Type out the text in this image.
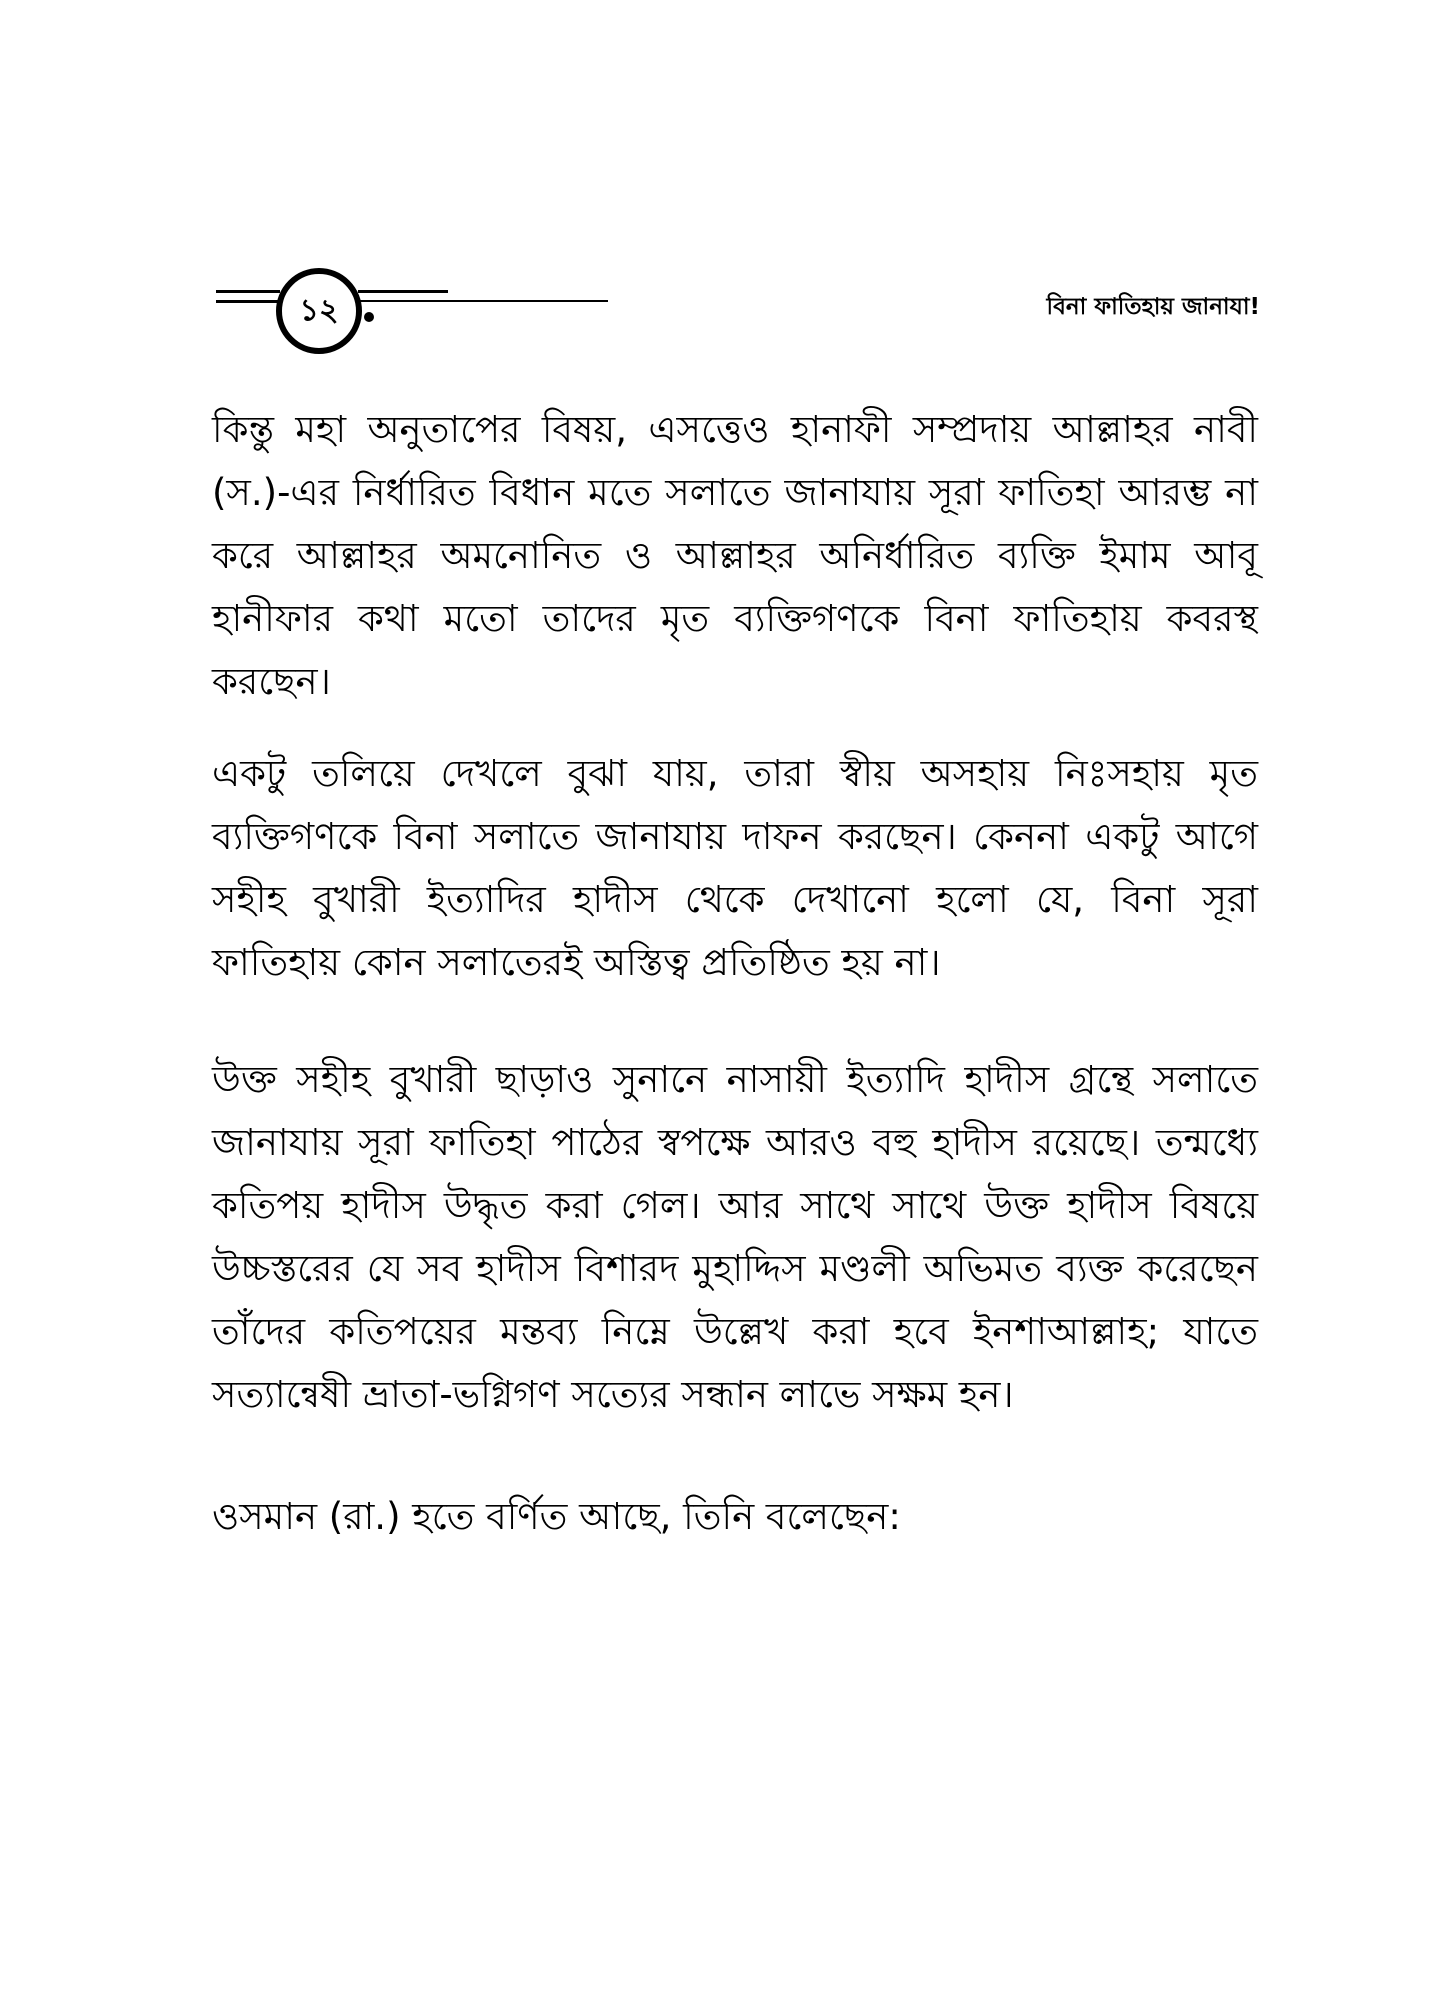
১২	বিনা ফাতিহায় জানাযা!

কিন্তু মহা অনুতাপের বিষয়, এসত্তেও হানাফী সম্প্রদায় আল্লাহর নাবী (স.)-এর নির্ধারিত বিধান মতে সলাতে জানাযায় সূরা ফাতিহা আরম্ভ না করে আল্লাহর অমনোনিত ও আল্লাহর অনির্ধারিত ব্যক্তি ইমাম আবূ হানীফার কথা মতো তাদের মৃত ব্যক্তিগণকে বিনা ফাতিহায় কবরস্থ করছেন।

একটু তলিয়ে দেখলে বুঝা যায়, তারা স্বীয় অসহায় নিঃসহায় মৃত ব্যক্তিগণকে বিনা সলাতে জানাযায় দাফন করছেন। কেননা একটু আগে সহীহ বুখারী ইত্যাদির হাদীস থেকে দেখানো হলো যে, বিনা সূরা ফাতিহায় কোন সলাতেরই অস্তিত্ব প্রতিষ্ঠিত হয় না।

উক্ত সহীহ বুখারী ছাড়াও সুনানে নাসায়ী ইত্যাদি হাদীস গ্রন্থে সলাতে জানাযায় সূরা ফাতিহা পাঠের স্বপক্ষে আরও বহু হাদীস রয়েছে। তন্মধ্যে কতিপয় হাদীস উদ্ধৃত করা গেল। আর সাথে সাথে উক্ত হাদীস বিষয়ে উচ্চস্তরের যে সব হাদীস বিশারদ মুহাদ্দিস মণ্ডলী অভিমত ব্যক্ত করেছেন তাঁদের কতিপয়ের মন্তব্য নিম্নে উল্লেখ করা হবে ইনশাআল্লাহ; যাতে সত্যান্বেষী ভ্রাতা-ভগ্নিগণ সত্যের সন্ধান লাভে সক্ষম হন।

ওসমান (রা.) হতে বর্ণিত আছে, তিনি বলেছেন:
